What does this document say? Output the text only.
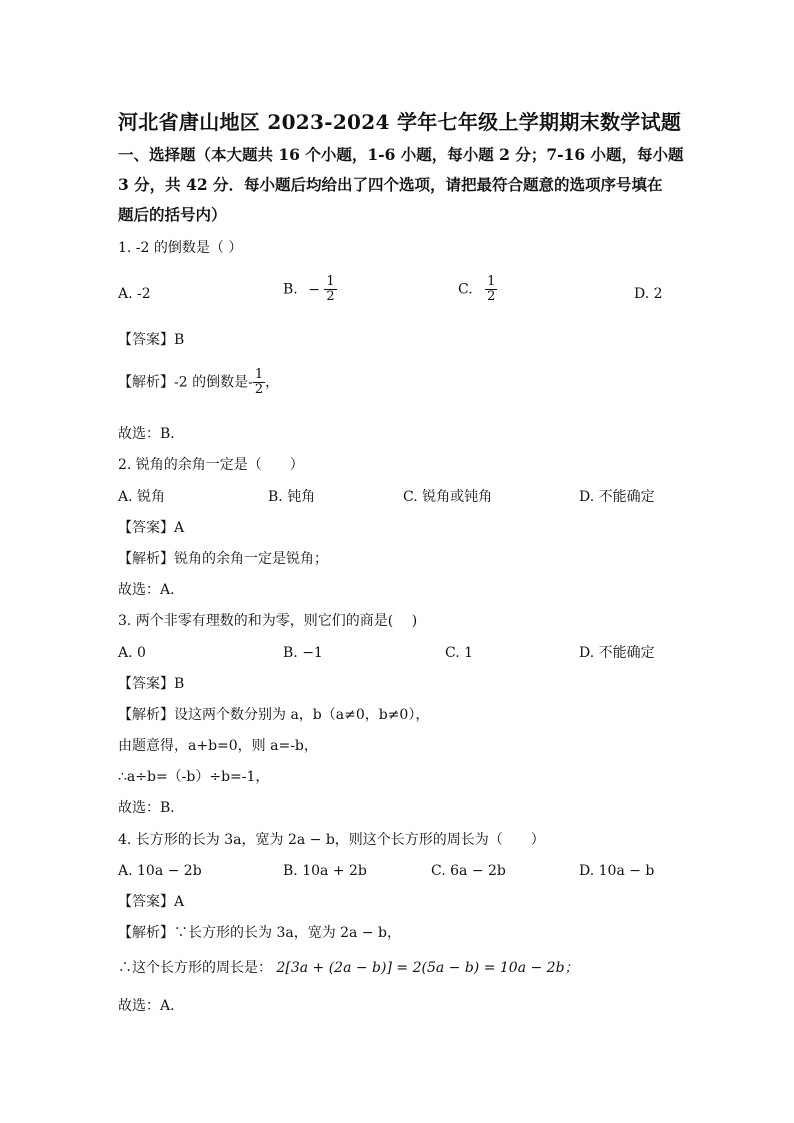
河北省唐山地区 2023-2024 学年七年级上学期期末数学试题
一、选择题（本大题共 16 个小题，1-6 小题，每小题 2 分；7-16 小题，每小题
3 分，共 42 分．每小题后均给出了四个选项，请把最符合题意的选项序号填在
题后的括号内）
1. -2 的倒数是（ ）
A. -2	B. − $\frac{1}{2}$	C. $\frac{1}{2}$	D. 2
【答案】B
【解析】-2 的倒数是- $\frac{1}{2}$ ，
故选：B．
2. 锐角的余角一定是（　　）
A. 锐角	B. 钝角	C. 锐角或钝角	D. 不能确定
【答案】A
【解析】锐角的余角一定是锐角；
故选：A．
3. 两个非零有理数的和为零，则它们的商是(　 )
A. 0	B. −1	C. 1	D. 不能确定
【答案】B
【解析】设这两个数分别为 a，b（a≠0，b≠0），
由题意得，a+b=0，则 a=-b，
∴a÷b=（-b）÷b=-1，
故选：B．
4. 长方形的长为 3a，宽为 2a − b，则这个长方形的周长为（　　）
A. 10a − 2b	B. 10a + 2b	C. 6a − 2b	D. 10a − b
【答案】A
【解析】∵长方形的长为 3a，宽为 2a − b，
∴这个长方形的周长是： 2[3a + (2a − b)] = 2(5a − b) = 10a − 2b；
故选：A．
